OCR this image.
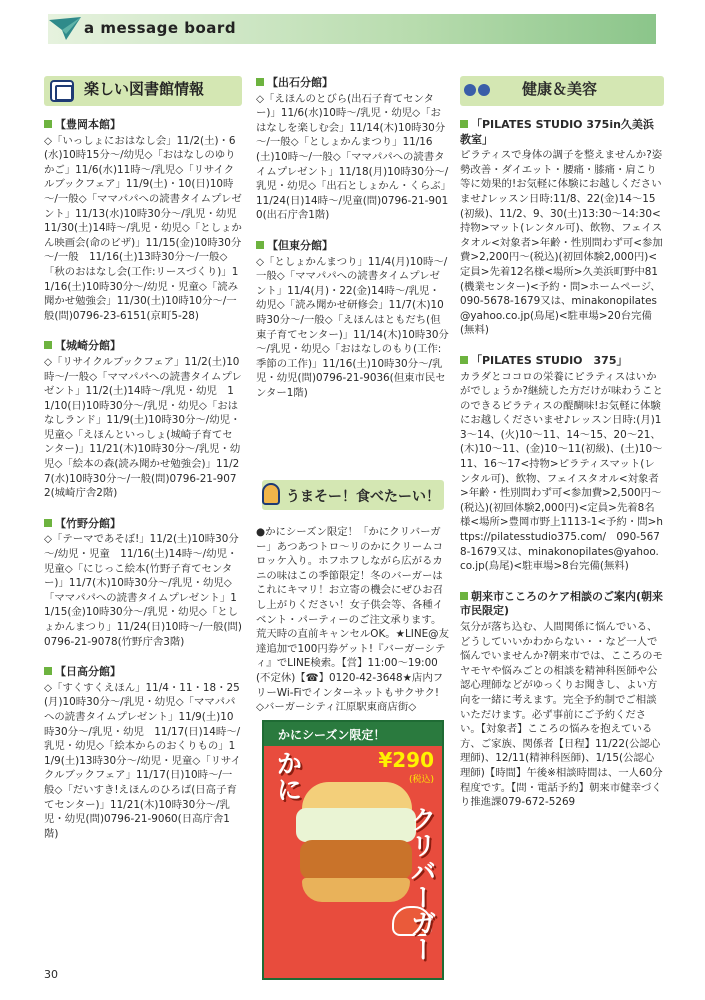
a message board
楽しい図書館情報
【豊岡本館】
◇「いっしょにおはなし会」11/2(土)・6(水)10時15分～/幼児◇「おはなしのゆりかご」11/6(水)11時～/乳児◇「リサイクルブックフェア」11/9(土)・10(日)10時～/一般◇「ママパパへの読書タイムプレゼント」11/13(水)10時30分～/乳児・幼児　11/30(土)14時～/乳児・幼児◇「としょかん映画会(命のビザ)」11/15(金)10時30分～/一般　11/16(土)13時30分～/一般◇「秋のおはなし会(工作:リースづくり)」11/16(土)10時30分～/幼児・児童◇「読み聞かせ勉強会」11/30(土)10時10分～/一般(問)0796-23-6151(京町5-28)
【城崎分館】
◇「リサイクルブックフェア」11/2(土)10時～/一般◇「ママパパへの読書タイムプレゼント」11/2(土)14時～/乳児・幼児　11/10(日)10時30分～/乳児・幼児◇「おはなしランド」11/9(土)10時30分～/幼児・児童◇「えほんといっしょ(城崎子育てセンター)」11/21(木)10時30分～/乳児・幼児◇「絵本の森(読み聞かせ勉強会)」11/27(水)10時30分～/一般(問)0796-21-9072(城崎庁舎2階)
【竹野分館】
◇「テーマであそぼ!」11/2(土)10時30分～/幼児・児童　11/16(土)14時～/幼児・児童◇「にじっこ絵本(竹野子育てセンター)」11/7(木)10時30分～/乳児・幼児◇「ママパパへの読書タイムプレゼント」11/15(金)10時30分～/乳児・幼児◇「としょかんまつり」11/24(日)10時～/一般(問)0796-21-9078(竹野庁舎3階)
【日高分館】
◇「すくすくえほん」11/4・11・18・25(月)10時30分～/乳児・幼児◇「ママパパへの読書タイムプレゼント」11/9(土)10時30分～/乳児・幼児　11/17(日)14時～/乳児・幼児◇「絵本からのおくりもの」11/9(土)13時30分～/幼児・児童◇「リサイクルブックフェア」11/17(日)10時～/一般◇「だいすき!えほんのひろば(日高子育てセンター)」11/21(木)10時30分～/乳児・幼児(問)0796-21-9060(日高庁舎1階)
【出石分館】
◇「えほんのとびら(出石子育てセンター)」11/6(水)10時～/乳児・幼児◇「おはなしを楽しむ会」11/14(木)10時30分～/一般◇「としょかんまつり」11/16(土)10時～/一般◇「ママパパへの読書タイムプレゼント」11/18(月)10時30分～/乳児・幼児◇「出石としょかん・くらぶ」11/24(日)14時～/児童(問)0796-21-9010(出石庁舎1階)
【但東分館】
◇「としょかんまつり」11/4(月)10時～/一般◇「ママパパへの読書タイムプレゼント」11/4(月)・22(金)14時～/乳児・幼児◇「読み聞かせ研修会」11/7(木)10時30分～/一般◇「えほんはともだち(但東子育てセンター)」11/14(木)10時30分～/乳児・幼児◇「おはなしのもり(工作:季節の工作)」11/16(土)10時30分～/乳児・幼児(問)0796-21-9036(但東市民センター1階)
うまそー！食べたーい！
●かにシーズン限定！「かにクリバーガー」あつあつトロ～リのかにクリームコロッケ入り。ホフホフしながら広がるカニの味はこの季節限定！冬のバーガーはこれにキマリ！お立寄の機会にぜひお召し上がりください！女子供会等、各種イベント・パーティーのご注文承ります。荒天時の直前キャンセルOK。★LINE@友達追加で100円券ゲット!『バーガーシティ』でLINE検索。【営】11:00～19:00(不定休)【☎】0120-42-3648★店内フリーWi-Fiでインターネットもサクサク!
◇バーガーシティ江原駅東商店街◇
かにシーズン限定！
¥290
(税込)
かに
クリバーガー
健康＆美容
「PILATES STUDIO 375in久美浜教室」
ピラティスで身体の調子を整えませんか?姿勢改善・ダイエット・腰痛・膝痛・肩こり等に効果的!お気軽に体験にお越しくださいませ♪レッスン日時:11/8、22(金)14～15(初級)、11/2、9、30(土)13:30～14:30<持物>マット(レンタル可)、飲物、フェイスタオル<対象者>年齢・性別問わず可<参加費>2,200円～(税込)(初回体験2,000円)<定員>先着12名様<場所>久美浜町野中81(機業センター)<予約・問>ホームページ、090-5678-1679又は、minakonopilates@yahoo.co.jp(鳥尾)<駐車場>20台完備(無料)
「PILATES STUDIO　375」
カラダとココロの栄養にピラティスはいかがでしょうか?継続した方だけが味わうことのできるピラティスの醍醐味!お気軽に体験にお越しくださいませ♪レッスン日時:(月)13～14、(火)10～11、14～15、20～21、(木)10～11、(金)10～11(初級)、(土)10～11、16～17<持物>ピラティスマット(レンタル可)、飲物、フェイスタオル<対象者>年齢・性別問わず可<参加費>2,500円～(税込)(初回体験2,000円)<定員>先着8名様<場所>豊岡市野上1113-1<予約・問>https://pilatesstudio375.com/　090-5678-1679又は、minakonopilates@yahoo.co.jp(鳥尾)<駐車場>8台完備(無料)
朝来市こころのケア相談のご案内(朝来市民限定)
気分が落ち込む、人間関係に悩んでいる、どうしていいかわからない・・など一人で悩んでいませんか?朝来市では、こころのモヤモヤや悩みごとの相談を精神科医師や公認心理師などがゆっくりお聞きし、よい方向を一緒に考えます。完全予約制でご相談いただけます。必ず事前にご予約ください。【対象者】こころの悩みを抱えている方、ご家族、関係者【日程】11/22(公認心理師)、12/11(精神科医師)、1/15(公認心理師)【時間】午後※相談時間は、一人60分程度です。【問・電話予約】朝来市健幸づくり推進課079-672-5269
30
